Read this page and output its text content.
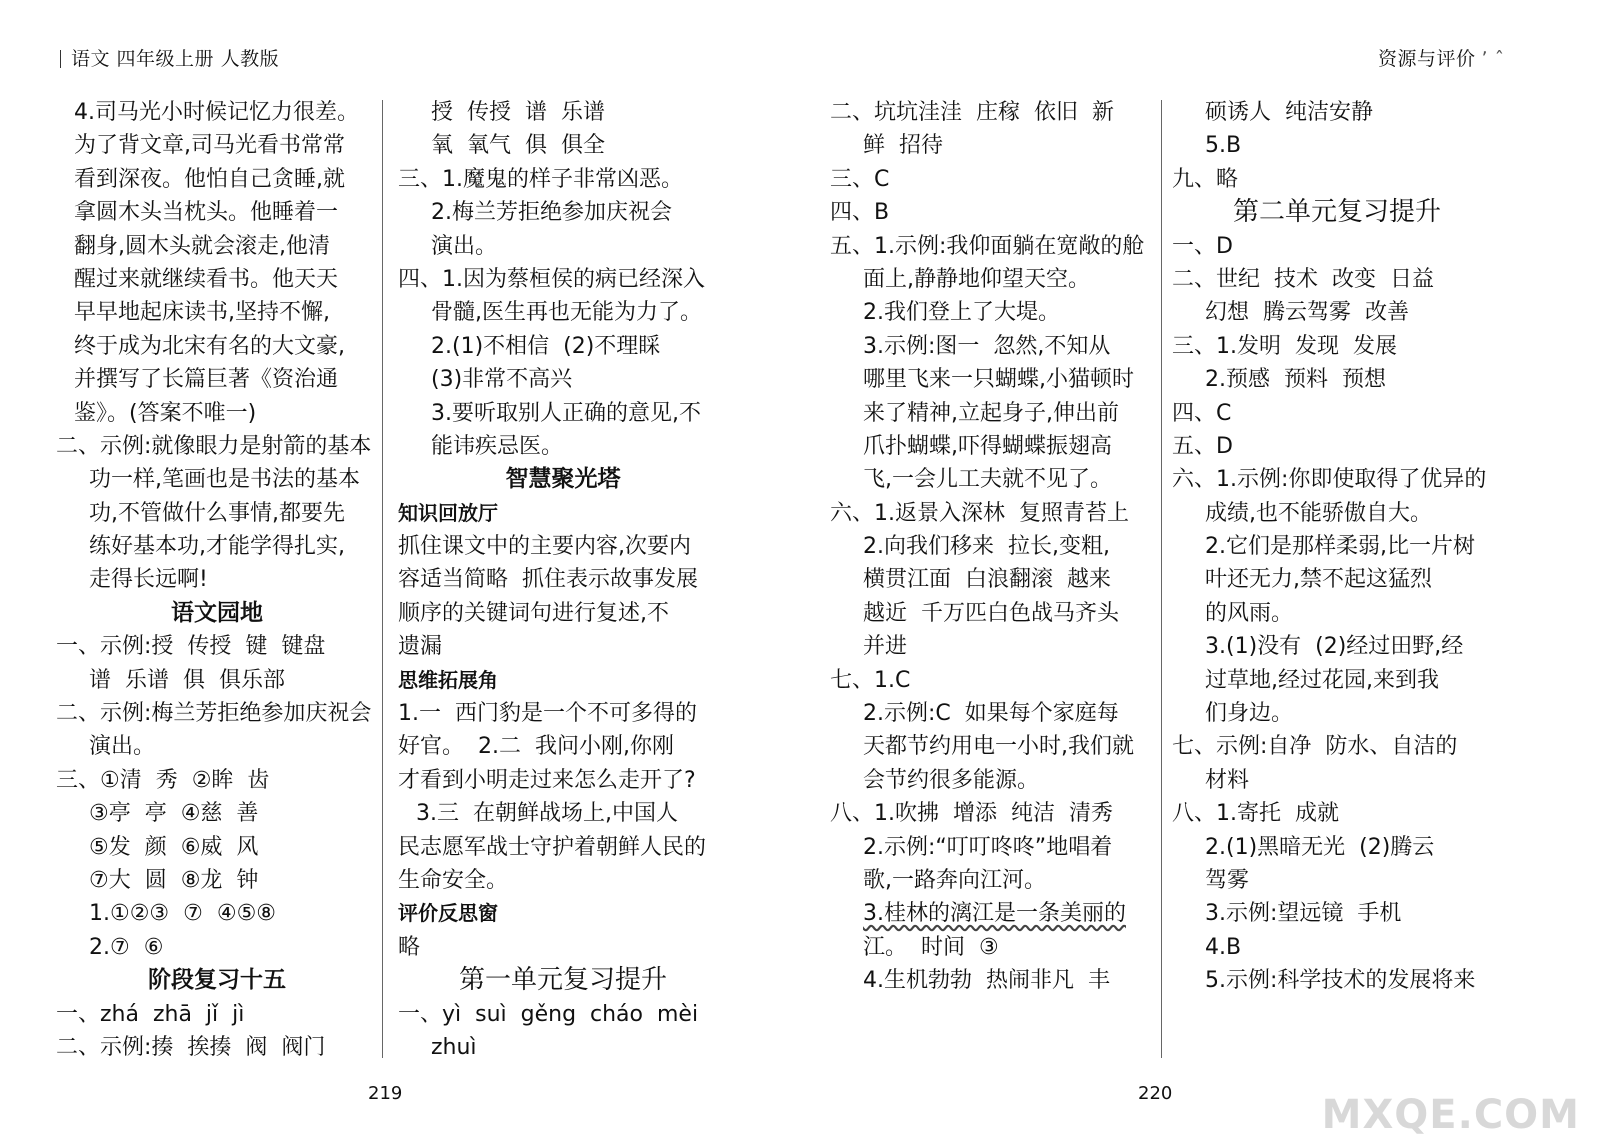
语文 四年级上册 人教版	资源与评价 ʼ ˆ
4.司马光小时候记忆力很差。
为了背文章,司马光看书常常
看到深夜。他怕自己贪睡,就
拿圆木头当枕头。他睡着一
翻身,圆木头就会滚走,他清
醒过来就继续看书。他天天
早早地起床读书,坚持不懈,
终于成为北宋有名的大文豪,
并撰写了长篇巨著《资治通
鉴》。(答案不唯一)
二、示例:就像眼力是射箭的基本
功一样,笔画也是书法的基本
功,不管做什么事情,都要先
练好基本功,才能学得扎实,
走得长远啊!
语文园地
一、示例:授  传授  键  键盘
谱  乐谱  俱  俱乐部
二、示例:梅兰芳拒绝参加庆祝会
演出。
三、①清  秀  ②眸  齿
③亭  亭  ④慈  善
⑤发  颜  ⑥威  风
⑦大  圆  ⑧龙  钟
1.①②③  ⑦  ④⑤⑧
2.⑦  ⑥
阶段复习十五
一、zhá  zhā  jǐ  jì
二、示例:揍  挨揍  阀  阀门
授  传授  谱  乐谱
氧  氧气  俱  俱全
三、1.魔鬼的样子非常凶恶。
2.梅兰芳拒绝参加庆祝会
演出。
四、1.因为蔡桓侯的病已经深入
骨髓,医生再也无能为力了。
2.(1)不相信  (2)不理睬
(3)非常不高兴
3.要听取别人正确的意见,不
能讳疾忌医。
智慧聚光塔
知识回放厅
抓住课文中的主要内容,次要内
容适当简略  抓住表示故事发展
顺序的关键词句进行复述,不
遗漏
思维拓展角
1.一  西门豹是一个不可多得的
好官。  2.二  我问小刚,你刚
才看到小明走过来怎么走开了?
3.三  在朝鲜战场上,中国人
民志愿军战士守护着朝鲜人民的
生命安全。
评价反思窗
略
第一单元复习提升
一、yì  suì  gěng  cháo  mèi
zhuì
二、坑坑洼洼  庄稼  依旧  新
鲜  招待
三、C
四、B
五、1.示例:我仰面躺在宽敞的舱
面上,静静地仰望天空。
2.我们登上了大堤。
3.示例:图一  忽然,不知从
哪里飞来一只蝴蝶,小猫顿时
来了精神,立起身子,伸出前
爪扑蝴蝶,吓得蝴蝶振翅高
飞,一会儿工夫就不见了。
六、1.返景入深林  复照青苔上
2.向我们移来  拉长,变粗,
横贯江面  白浪翻滚  越来
越近  千万匹白色战马齐头
并进
七、1.C
2.示例:C  如果每个家庭每
天都节约用电一小时,我们就
会节约很多能源。
八、1.吹拂  增添  纯洁  清秀
2.示例:“叮叮咚咚”地唱着
歌,一路奔向江河。
3.桂林的漓江是一条美丽的
江。  时间  ③
4.生机勃勃  热闹非凡  丰
硕诱人  纯洁安静
5.B
九、略
第二单元复习提升
一、D
二、世纪  技术  改变  日益
幻想  腾云驾雾  改善
三、1.发明  发现  发展
2.预感  预料  预想
四、C
五、D
六、1.示例:你即使取得了优异的
成绩,也不能骄傲自大。
2.它们是那样柔弱,比一片树
叶还无力,禁不起这猛烈
的风雨。
3.(1)没有  (2)经过田野,经
过草地,经过花园,来到我
们身边。
七、示例:自净  防水、自洁的
材料
八、1.寄托  成就
2.(1)黑暗无光  (2)腾云
驾雾
3.示例:望远镜  手机
4.B
5.示例:科学技术的发展将来
219	220	MXQE.COM
